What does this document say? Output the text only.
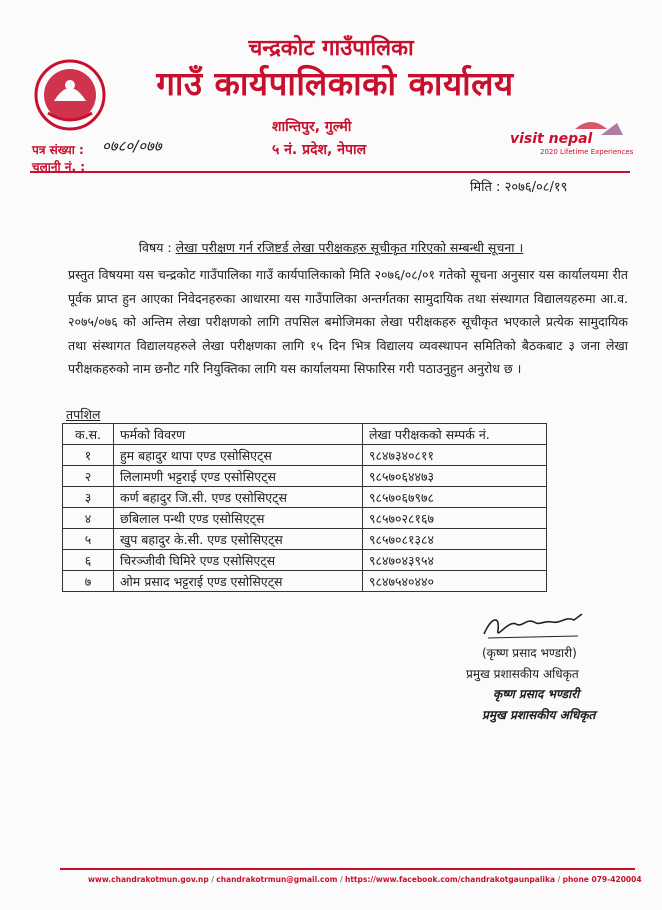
चन्द्रकोट गाउँपालिका
गाउँ कार्यपालिकाको कार्यालय
शान्तिपुर, गुल्मी
५ नं. प्रदेश, नेपाल
visit nepal
2020 Lifetime Experiences
पत्र संख्या : ०७८०/०७७
चलानी नं. :
मिति : २०७६/०८/१९
विषय : लेखा परीक्षण गर्न रजिष्टर्ड लेखा परीक्षकहरु सूचीकृत गरिएको सम्बन्धी सूचना ।
प्रस्तुत विषयमा यस चन्द्रकोट गाउँपालिका गाउँ कार्यपालिकाको मिति २०७६/०८/०१ गतेको सूचना अनुसार यस कार्यालयमा रीत पूर्वक प्राप्त हुन आएका निवेदनहरुका आधारमा यस गाउँपालिका अन्तर्गतका सामुदायिक तथा संस्थागत विद्यालयहरुमा आ.व. २०७५/०७६ को अन्तिम लेखा परीक्षणको लागि तपसिल बमोजिमका लेखा परीक्षकहरु सूचीकृत भएकाले प्रत्येक सामुदायिक तथा संस्थागत विद्यालयहरुले लेखा परीक्षणका लागि १५ दिन भित्र विद्यालय व्यवस्थापन समितिको बैठकबाट ३ जना लेखा परीक्षकहरुको नाम छनौट गरि नियुक्तिका लागि यस कार्यालयमा सिफारिस गरी पठाउनुहुन अनुरोध छ ।
तपशिल
क.स.	फर्मको विवरण	लेखा परीक्षकको सम्पर्क नं.
१	हुम बहादुर थापा एण्ड एसोसिएट्स	९८४७३४०८११
२	लिलामणी भट्टराई एण्ड एसोसिएट्स	९८५७०६४४७३
३	कर्ण बहादुर जि.सी. एण्ड एसोसिएट्स	९८५७०६७९७८
४	छबिलाल पन्थी एण्ड एसोसिएट्स	९८५७०२८१६७
५	खुप बहादुर के.सी. एण्ड एसोसिएट्स	९८५७०८१३८४
६	चिरञ्जीवी घिमिरे एण्ड एसोसिएट्स	९८४७०४३९५४
७	ओम प्रसाद भट्टराई एण्ड एसोसिएट्स	९८४७५४०४४०
(कृष्ण प्रसाद भण्डारी)
प्रमुख प्रशासकीय अधिकृत
कृष्ण प्रसाद भण्डारी
प्रमुख प्रशासकीय अधिकृत
www.chandrakotmun.gov.np / chandrakotrmun@gmail.com / https://www.facebook.com/chandrakotgaunpalika / phone 079-420004
